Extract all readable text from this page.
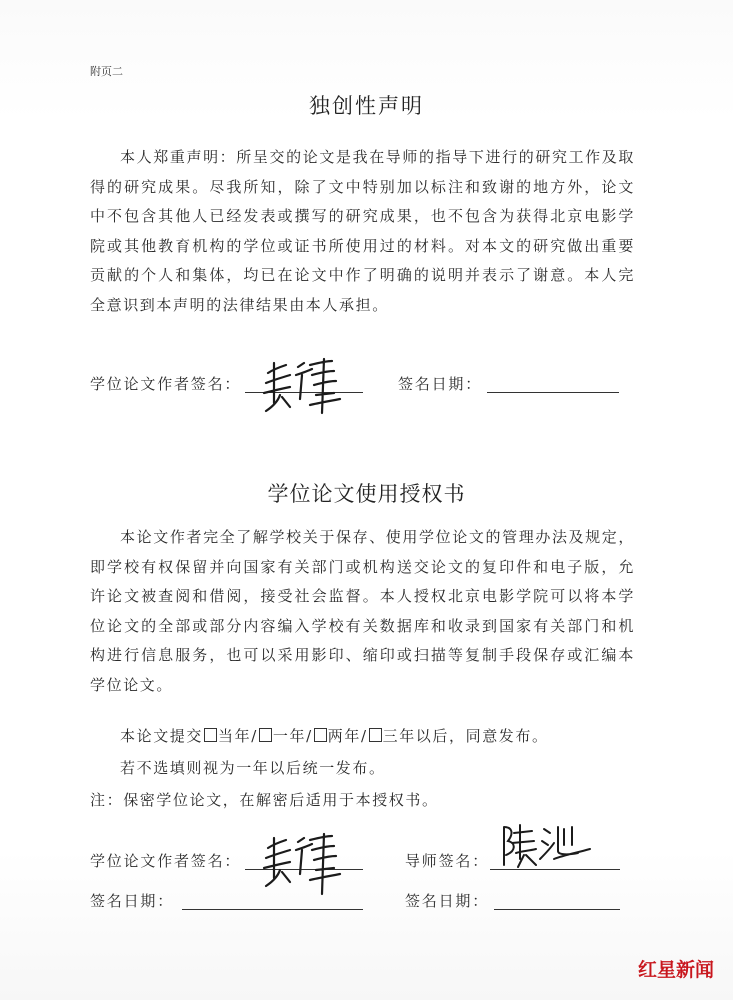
附页二
独创性声明
本人郑重声明：所呈交的论文是我在导师的指导下进行的研究工作及取得的研究成果。尽我所知，除了文中特别加以标注和致谢的地方外，论文中不包含其他人已经发表或撰写的研究成果，也不包含为获得北京电影学院或其他教育机构的学位或证书所使用过的材料。对本文的研究做出重要贡献的个人和集体，均已在论文中作了明确的说明并表示了谢意。本人完全意识到本声明的法律结果由本人承担。
学位论文作者签名：	签名日期：
学位论文使用授权书
本论文作者完全了解学校关于保存、使用学位论文的管理办法及规定，即学校有权保留并向国家有关部门或机构送交论文的复印件和电子版，允许论文被查阅和借阅，接受社会监督。本人授权北京电影学院可以将本学位论文的全部或部分内容编入学校有关数据库和收录到国家有关部门和机构进行信息服务，也可以采用影印、缩印或扫描等复制手段保存或汇编本学位论文。
本论文提交 当年/ 一年/ 两年/ 三年以后，同意发布。
若不选填则视为一年以后统一发布。
注：保密学位论文，在解密后适用于本授权书。
学位论文作者签名：	导师签名：
签名日期：	签名日期：
红星新闻
